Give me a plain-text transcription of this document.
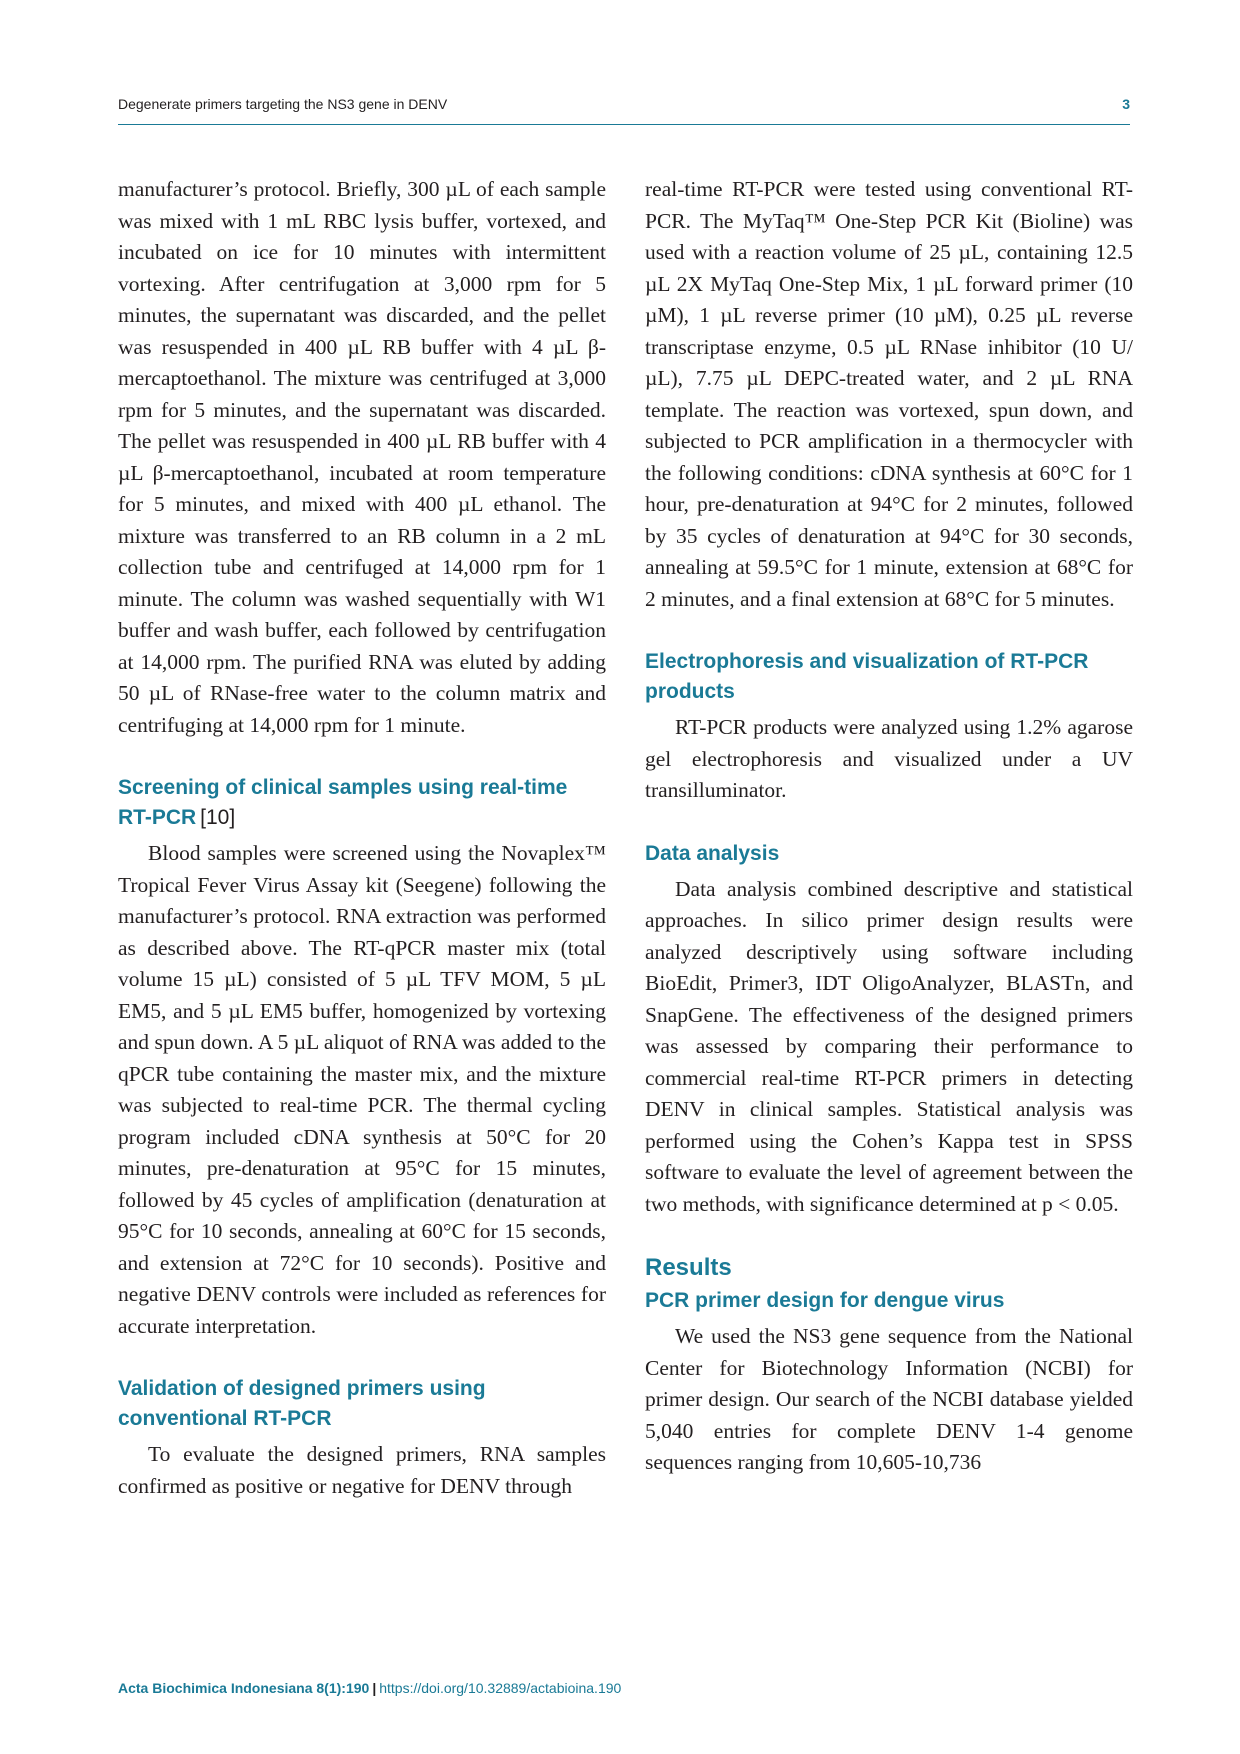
Degenerate primers targeting the NS3 gene in DENV	3

manufacturer’s protocol. Briefly, 300 µL of each sample was mixed with 1 mL RBC lysis buffer, vortexed, and incubated on ice for 10 minutes with intermittent vortexing. After centrifugation at 3,000 rpm for 5 minutes, the supernatant was discarded, and the pellet was resuspended in 400 µL RB buffer with 4 µL β-mercaptoethanol. The mixture was centrifuged at 3,000 rpm for 5 minutes, and the supernatant was discarded. The pellet was resuspended in 400 µL RB buffer with 4 µL β-mercaptoethanol, incubated at room temperature for 5 minutes, and mixed with 400 µL ethanol. The mixture was transferred to an RB column in a 2 mL collection tube and centrifuged at 14,000 rpm for 1 minute. The column was washed sequentially with W1 buffer and wash buffer, each followed by centrifugation at 14,000 rpm. The purified RNA was eluted by adding 50 µL of RNase-free water to the column matrix and centrifuging at 14,000 rpm for 1 minute.

Screening of clinical samples using real-time RT-PCR [10]

Blood samples were screened using the Novaplex™ Tropical Fever Virus Assay kit (Seegene) following the manufacturer’s protocol. RNA extraction was performed as described above. The RT-qPCR master mix (total volume 15 µL) consisted of 5 µL TFV MOM, 5 µL EM5, and 5 µL EM5 buffer, homogenized by vortexing and spun down. A 5 µL aliquot of RNA was added to the qPCR tube containing the master mix, and the mixture was subjected to real-time PCR. The thermal cycling program included cDNA synthesis at 50°C for 20 minutes, pre-denaturation at 95°C for 15 minutes, followed by 45 cycles of amplification (denaturation at 95°C for 10 seconds, annealing at 60°C for 15 seconds, and extension at 72°C for 10 seconds). Positive and negative DENV controls were included as references for accurate interpretation.

Validation of designed primers using conventional RT-PCR

To evaluate the designed primers, RNA samples confirmed as positive or negative for DENV through

real-time RT-PCR were tested using conventional RT-PCR. The MyTaq™ One-Step PCR Kit (Bioline) was used with a reaction volume of 25 µL, containing 12.5 µL 2X MyTaq One-Step Mix, 1 µL forward primer (10 µM), 1 µL reverse primer (10 µM), 0.25 µL reverse transcriptase enzyme, 0.5 µL RNase inhibitor (10 U/µL), 7.75 µL DEPC-treated water, and 2 µL RNA template. The reaction was vortexed, spun down, and subjected to PCR amplification in a thermocycler with the following conditions: cDNA synthesis at 60°C for 1 hour, pre-denaturation at 94°C for 2 minutes, followed by 35 cycles of denaturation at 94°C for 30 seconds, annealing at 59.5°C for 1 minute, extension at 68°C for 2 minutes, and a final extension at 68°C for 5 minutes.

Electrophoresis and visualization of RT-PCR products

RT-PCR products were analyzed using 1.2% agarose gel electrophoresis and visualized under a UV transilluminator.

Data analysis

Data analysis combined descriptive and statistical approaches. In silico primer design results were analyzed descriptively using software including BioEdit, Primer3, IDT OligoAnalyzer, BLASTn, and SnapGene. The effectiveness of the designed primers was assessed by comparing their performance to commercial real-time RT-PCR primers in detecting DENV in clinical samples. Statistical analysis was performed using the Cohen’s Kappa test in SPSS software to evaluate the level of agreement between the two methods, with significance determined at p < 0.05.

Results
PCR primer design for dengue virus

We used the NS3 gene sequence from the National Center for Biotechnology Information (NCBI) for primer design. Our search of the NCBI database yielded 5,040 entries for complete DENV 1-4 genome sequences ranging from 10,605-10,736

Acta Biochimica Indonesiana 8(1):190 | https://doi.org/10.32889/actabioina.190
